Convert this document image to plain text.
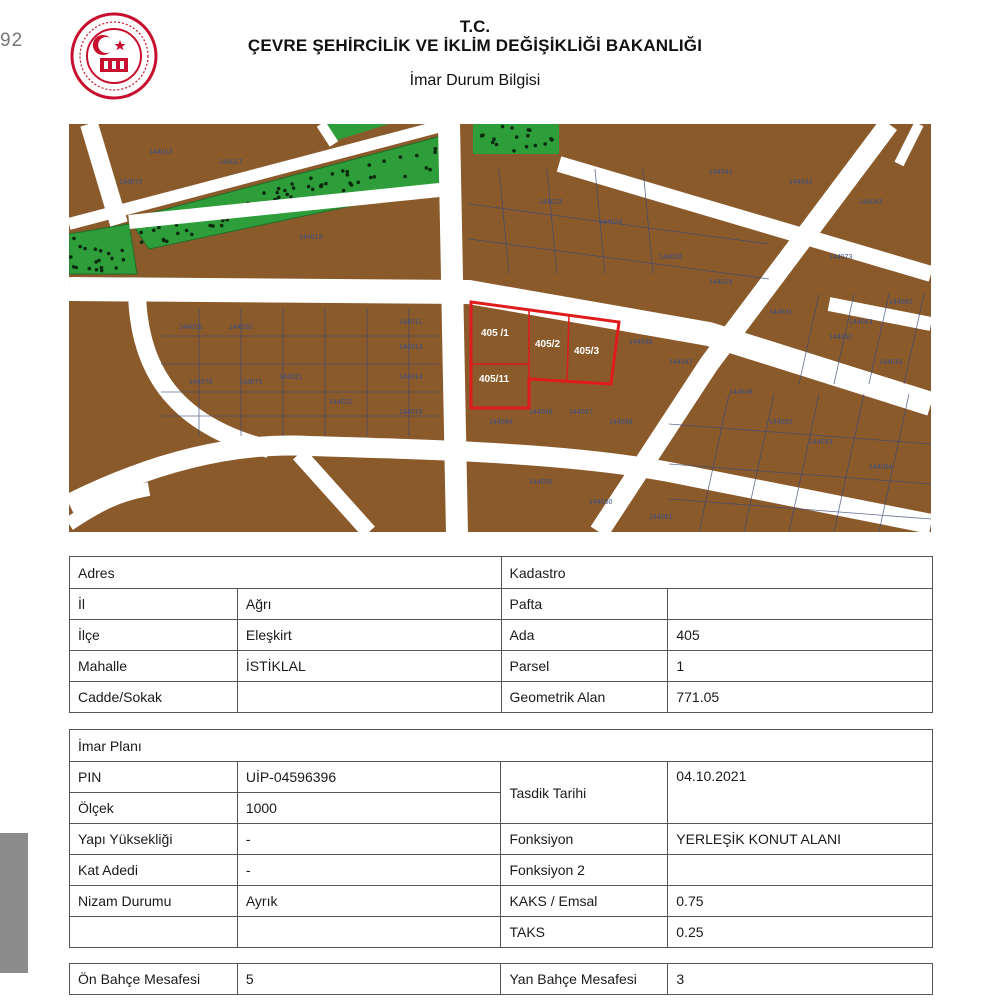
92
T.C.
ÇEVRE ŞEHİRCİLİK VE İKLİM DEĞİŞİKLİĞİ BAKANLIĞI
İmar Durum Bilgisi
144012
144017
144019
144011
144013
144014
144015
144016	144020
144021
144022
144023
144024
144026
144028
144031
144032
144033
144041
144042
144043
144046
144047
144048
144052
144053
144054
144055
144060
144061
144062
144063
144064
144066 144067
144068
144070	144071
144072
144073
405 /1
405/2
405/3
405/11
Adres		Kadastro	
İl	Ağrı	Pafta	
İlçe	Eleşkirt	Ada	405
Mahalle	İSTİKLAL	Parsel	1
Cadde/Sokak		Geometrik Alan	771.05
İmar Planı			
PIN	UİP-04596396	Tasdik Tarihi	04.10.2021
Ölçek	1000		
Yapı Yüksekliği	-	Fonksiyon	YERLEŞİK KONUT ALANI
Kat Adedi	-	Fonksiyon 2	
Nizam Durumu	Ayrık	KAKS / Emsal	0.75
		TAKS	0.25
Ön Bahçe Mesafesi	5	Yan Bahçe Mesafesi	3
